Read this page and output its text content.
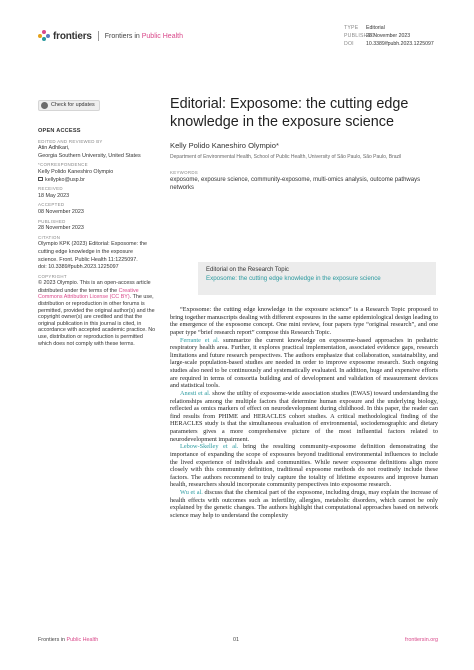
frontiers Frontiers in Public Health
TYPE Editorial
PUBLISHED28 November 2023
DOI 10.3389/fpubh.2023.1225097
Check for updates
OPEN ACCESS
EDITED AND REVIEWED BY
Atin Adhikari,
Georgia Southern University, United States
*CORRESPONDENCE
Kelly Polido Kaneshiro Olympio
kellypko@usp.br
RECEIVED
18 May 2023
ACCEPTED
08 November 2023
PUBLISHED
28 November 2023
CITATION
Olympio KPK (2023) Editorial: Exposome: the
cutting edge knowledge in the exposure
science. Front. Public Health 11:1225097.
doi: 10.3389/fpubh.2023.1225097
COPYRIGHT
© 2023 Olympio. This is an open-access article
distributed under the terms of the Creative Commons Attribution License (CC BY). The use, distribution or reproduction in other forums is permitted, provided the original author(s) and the copyright owner(s) are credited and that the original publication in this journal is cited, in accordance with accepted academic practice. No use, distribution or reproduction is permitted which does not comply with these terms.
Editorial: Exposome: the cutting edge knowledge in the exposure science
Kelly Polido Kaneshiro Olympio*
Department of Environmental Health, School of Public Health, University of São Paulo, São Paulo, Brazil
KEYWORDS
exposome, exposure science, community-exposome, multi-omics analysis, outcome pathways networks
Editorial on the Research Topic
Exposome: the cutting edge knowledge in the exposure science

“Exposome: the cutting edge knowledge in the exposure science” is a Research Topic proposed to bring together manuscripts dealing with different exposures in the same epidemiological design leading to the emergence of the exposome concept. One mini review, four papers type “original research”, and one paper type “brief research report” compose this Research Topic.

Ferrante et al. summarize the current knowledge on exposome-based approaches in pediatric respiratory health area. Further, it explores practical implementation, associated evidence gaps, research limitations and future research perspectives. The authors emphasize that collaboration, sustainability, and large-scale population-based studies are needed in order to improve exposome research. Such ongoing studies also need to be continuously and systematically evaluated. In addition, huge and expensive efforts are required in terms of consortia building and of development and validation of measurement devices and statistical tools.

Anesti et al. show the utility of exposome-wide association studies (EWAS) toward understanding the relationships among the multiple factors that determine human exposure and the underlying biology, reflected as omics markers of effect on neurodevelopment during childhood. In this paper, the reader can find results from PHIME and HERACLES cohort studies. A critical methodological finding of the HERACLES study is that the simultaneous evaluation of environmental, sociodemographic and dietary parameters gives a more comprehensive picture of the most influential factors related to neurodevelopment impairment.

Lebow-Skelley et al. bring the resulting community-exposome definition demonstrating the importance of expanding the scope of exposures beyond traditional environmental influences to include the lived experience of individuals and communities. While newer exposome definitions align more closely with this community definition, traditional exposome methods do not routinely include these factors. The authors recommend to truly capture the totality of lifetime exposures and improve human health, researchers should incorporate community perspectives into exposome research.

Wu et al. discuss that the chemical part of the exposome, including drugs, may explain the increase of health effects with outcomes such as infertility, allergies, metabolic disorders, which cannot be only explained by the genetic changes. The authors highlight that computational approaches based on network science may help to understand the complexity

Frontiers in Public Health	01	frontiersin.org
